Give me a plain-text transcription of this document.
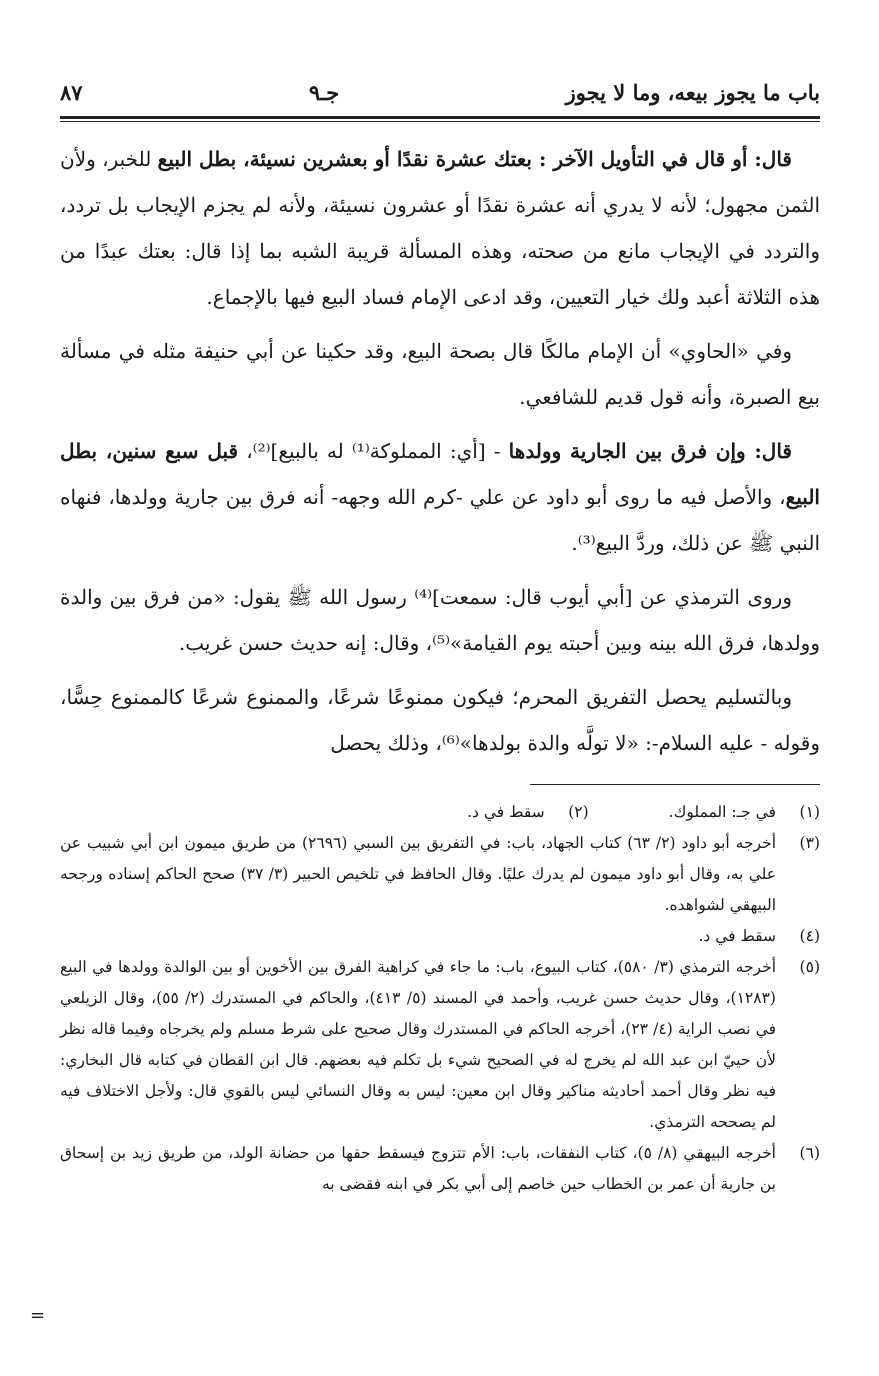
باب ما يجوز بيعه، وما لا يجوز
جـ٩
٨٧

قال: أو قال في التأويل الآخر : بعتك عشرة نقدًا أو بعشرين نسيئة، بطل البيع للخبر، ولأن الثمن مجهول؛ لأنه لا يدري أنه عشرة نقدًا أو عشرون نسيئة، ولأنه لم يجزم الإيجاب بل تردد، والتردد في الإيجاب مانع من صحته، وهذه المسألة قريبة الشبه بما إذا قال: بعتك عبدًا من هذه الثلاثة أعبد ولك خيار التعيين، وقد ادعى الإمام فساد البيع فيها بالإجماع.

وفي «الحاوي» أن الإمام مالكًا قال بصحة البيع، وقد حكينا عن أبي حنيفة مثله في مسألة بيع الصبرة، وأنه قول قديم للشافعي.

قال: وإن فرق بين الجارية وولدها - [أي: المملوكة⁽¹⁾ له بالبيع]⁽²⁾، قبل سبع سنين، بطل البيع، والأصل فيه ما روى أبو داود عن علي -كرم الله وجهه- أنه فرق بين جارية وولدها، فنهاه النبي ﷺ عن ذلك، وردَّ البيع⁽³⁾.

وروى الترمذي عن [أبي أيوب قال: سمعت]⁽⁴⁾ رسول الله ﷺ يقول: «من فرق بين والدة وولدها، فرق الله بينه وبين أحبته يوم القيامة»⁽⁵⁾، وقال: إنه حديث حسن غريب.

وبالتسليم يحصل التفريق المحرم؛ فيكون ممنوعًا شرعًا، والممنوع شرعًا كالممنوع حِسًّا، وقوله - عليه السلام-: «لا تولَّه والدة بولدها»⁽⁶⁾، وذلك يحصل

(١)
في جـ: المملوك.
(٢)
سقط في د.
(٣)
أخرجه أبو داود (٢/ ٦٣) كتاب الجهاد، باب: في التفريق بين السبي (٢٦٩٦) من طريق ميمون ابن أبي شبيب عن علي به، وقال أبو داود ميمون لم يدرك عليًا. وقال الحافظ في تلخيص الحبير (٣/ ٣٧) صحح الحاكم إسناده ورجحه البيهقي لشواهده.
(٤)
سقط في د.
(٥)
أخرجه الترمذي (٣/ ٥٨٠)، كتاب البيوع، باب: ما جاء في كراهية الفرق بين الأخوين أو بين الوالدة وولدها في البيع (١٢٨٣)، وقال حديث حسن غريب، وأحمد في المسند (٥/ ٤١٣)، والحاكم في المستدرك (٢/ ٥٥)، وقال الزيلعي في نصب الراية (٤/ ٢٣)، أخرجه الحاكم في المستدرك وقال صحيح على شرط مسلم ولم يخرجاه وفيما قاله نظر لأن حييّ ابن عبد الله لم يخرج له في الصحيح شيء بل تكلم فيه بعضهم. قال ابن القطان في كتابه قال البخاري: فيه نظر وقال أحمد أحاديثه مناكير وقال ابن معين: ليس به وقال النسائي ليس بالقوي قال: ولأجل الاختلاف فيه لم يصححه الترمذي.
(٦)
أخرجه البيهقي (٨/ ٥)، كتاب النفقات، باب: الأم تتزوج فيسقط حقها من حضانة الولد، من طريق زيد بن إسحاق بن جارية أن عمر بن الخطاب حين خاصم إلى أبي بكر في ابنه فقضى به
=
